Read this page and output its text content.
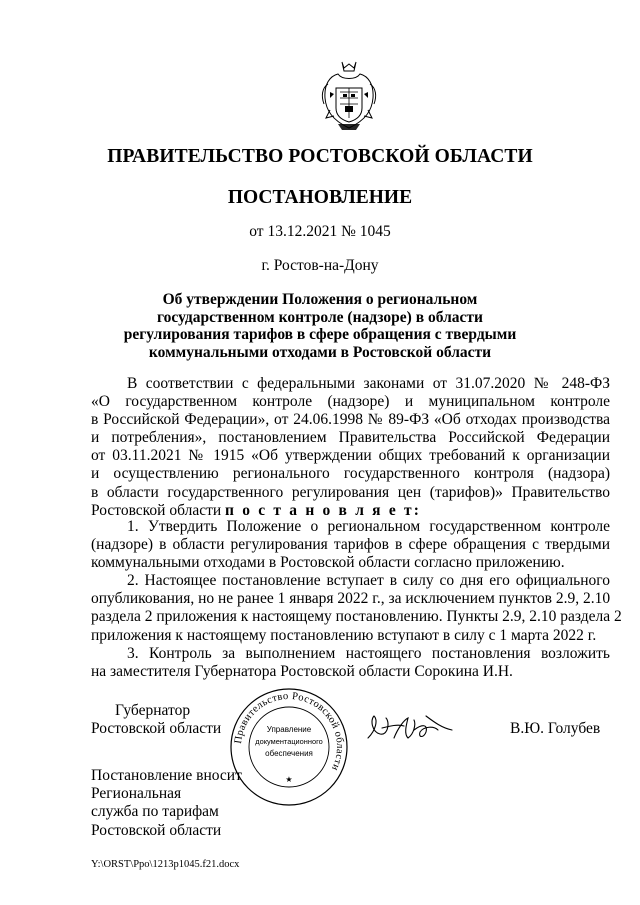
ПРАВИТЕЛЬСТВО РОСТОВСКОЙ ОБЛАСТИ
ПОСТАНОВЛЕНИЕ
от 13.12.2021 № 1045
г. Ростов-на-Дону
Об утверждении Положения о региональном
государственном контроле (надзоре) в области
регулирования тарифов в сфере обращения с твердыми
коммунальными отходами в Ростовской области
В соответствии с федеральными законами от 31.07.2020 № 248-ФЗ
«О государственном контроле (надзоре) и муниципальном контроле
в Российской Федерации», от 24.06.1998 № 89-ФЗ «Об отходах производства
и потребления», постановлением Правительства Российской Федерации
от 03.11.2021 № 1915 «Об утверждении общих требований к организации
и осуществлению регионального государственного контроля (надзора)
в области государственного регулирования цен (тарифов)» Правительство
Ростовской области п о с т а н о в л я е т:
1. Утвердить Положение о региональном государственном контроле
(надзоре) в области регулирования тарифов в сфере обращения с твердыми
коммунальными отходами в Ростовской области согласно приложению.
2. Настоящее постановление вступает в силу со дня его официального
опубликования, но не ранее 1 января 2022 г., за исключением пунктов 2.9, 2.10
раздела 2 приложения к настоящему постановлению. Пункты 2.9, 2.10 раздела 2
приложения к настоящему постановлению вступают в силу с 1 марта 2022 г.
3. Контроль за выполнением настоящего постановления возложить
на заместителя Губернатора Ростовской области Сорокина И.Н.
Губернатор
Ростовской области
Правительство Ростовской области
Управление
документационного
обеспечения
★
В.Ю. Голубев
Постановление вносит
Региональная
служба по тарифам
Ростовской области
Y:\ORST\Ppo\1213p1045.f21.docx
